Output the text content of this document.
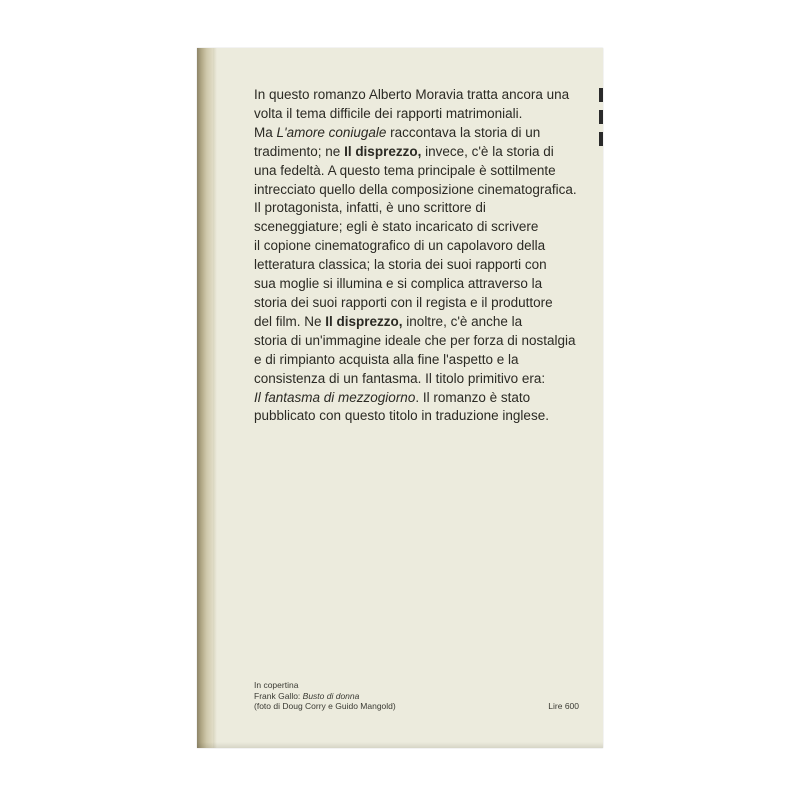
In questo romanzo Alberto Moravia tratta ancora una
volta il tema difficile dei rapporti matrimoniali.
Ma L'amore coniugale raccontava la storia di un
tradimento; ne Il disprezzo, invece, c'è la storia di
una fedeltà. A questo tema principale è sottilmente
intrecciato quello della composizione cinematografica.
Il protagonista, infatti, è uno scrittore di
sceneggiature; egli è stato incaricato di scrivere
il copione cinematografico di un capolavoro della
letteratura classica; la storia dei suoi rapporti con
sua moglie si illumina e si complica attraverso la
storia dei suoi rapporti con il regista e il produttore
del film. Ne Il disprezzo, inoltre, c'è anche la
storia di un'immagine ideale che per forza di nostalgia
e di rimpianto acquista alla fine l'aspetto e la
consistenza di un fantasma. Il titolo primitivo era:
Il fantasma di mezzogiorno. Il romanzo è stato
pubblicato con questo titolo in traduzione inglese.

In copertina
Frank Gallo: Busto di donna
(foto di Doug Corry e Guido Mangold)	Lire 600
